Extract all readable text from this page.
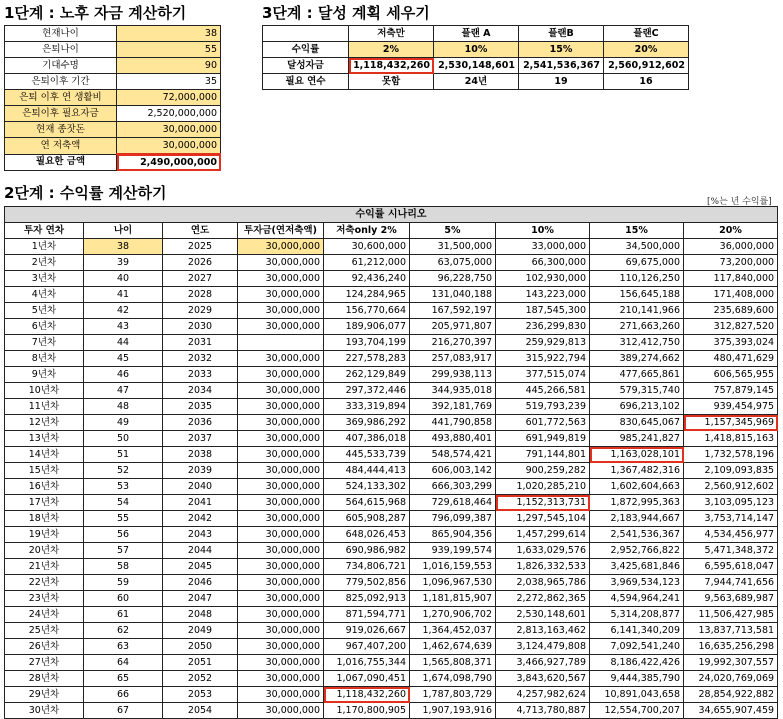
1단계 : 노후 자금 계산하기
현재나이	38
은퇴나이	55
기대수명	90
은퇴이후 기간	35
은퇴 이후 연 생활비	72,000,000
은퇴이후 필요자금	2,520,000,000
현재 종잣돈	30,000,000
연 저축액	30,000,000
필요한 금액	2,490,000,000
3단계 : 달성 계획 세우기
	저축만	플랜 A	플랜B	플랜C
수익률	2%	10%	15%	20%
달성자금	1,118,432,260	2,530,148,601	2,541,536,367	2,560,912,602
필요 연수	못함	24년	19	16
2단계 : 수익률 계산하기	[%는 년 수익률]
수익률 시나리오								
투자 연차	나이	연도	투자금(연저축액)	저축only 2%	5%	10%	15%	20%
1년차	38	2025	30,000,000	30,600,000	31,500,000	33,000,000	34,500,000	36,000,000
2년차	39	2026	30,000,000	61,212,000	63,075,000	66,300,000	69,675,000	73,200,000
3년차	40	2027	30,000,000	92,436,240	96,228,750	102,930,000	110,126,250	117,840,000
4년차	41	2028	30,000,000	124,284,965	131,040,188	143,223,000	156,645,188	171,408,000
5년차	42	2029	30,000,000	156,770,664	167,592,197	187,545,300	210,141,966	235,689,600
6년차	43	2030	30,000,000	189,906,077	205,971,807	236,299,830	271,663,260	312,827,520
7년차	44	2031		193,704,199	216,270,397	259,929,813	312,412,750	375,393,024
8년차	45	2032	30,000,000	227,578,283	257,083,917	315,922,794	389,274,662	480,471,629
9년차	46	2033	30,000,000	262,129,849	299,938,113	377,515,074	477,665,861	606,565,955
10년차	47	2034	30,000,000	297,372,446	344,935,018	445,266,581	579,315,740	757,879,145
11년차	48	2035	30,000,000	333,319,894	392,181,769	519,793,239	696,213,102	939,454,975
12년차	49	2036	30,000,000	369,986,292	441,790,858	601,772,563	830,645,067	1,157,345,969
13년차	50	2037	30,000,000	407,386,018	493,880,401	691,949,819	985,241,827	1,418,815,163
14년차	51	2038	30,000,000	445,533,739	548,574,421	791,144,801	1,163,028,101	1,732,578,196
15년차	52	2039	30,000,000	484,444,413	606,003,142	900,259,282	1,367,482,316	2,109,093,835
16년차	53	2040	30,000,000	524,133,302	666,303,299	1,020,285,210	1,602,604,663	2,560,912,602
17년차	54	2041	30,000,000	564,615,968	729,618,464	1,152,313,731	1,872,995,363	3,103,095,123
18년차	55	2042	30,000,000	605,908,287	796,099,387	1,297,545,104	2,183,944,667	3,753,714,147
19년차	56	2043	30,000,000	648,026,453	865,904,356	1,457,299,614	2,541,536,367	4,534,456,977
20년차	57	2044	30,000,000	690,986,982	939,199,574	1,633,029,576	2,952,766,822	5,471,348,372
21년차	58	2045	30,000,000	734,806,721	1,016,159,553	1,826,332,533	3,425,681,846	6,595,618,047
22년차	59	2046	30,000,000	779,502,856	1,096,967,530	2,038,965,786	3,969,534,123	7,944,741,656
23년차	60	2047	30,000,000	825,092,913	1,181,815,907	2,272,862,365	4,594,964,241	9,563,689,987
24년차	61	2048	30,000,000	871,594,771	1,270,906,702	2,530,148,601	5,314,208,877	11,506,427,985
25년차	62	2049	30,000,000	919,026,667	1,364,452,037	2,813,163,462	6,141,340,209	13,837,713,581
26년차	63	2050	30,000,000	967,407,200	1,462,674,639	3,124,479,808	7,092,541,240	16,635,256,298
27년차	64	2051	30,000,000	1,016,755,344	1,565,808,371	3,466,927,789	8,186,422,426	19,992,307,557
28년차	65	2052	30,000,000	1,067,090,451	1,674,098,790	3,843,620,567	9,444,385,790	24,020,769,069
29년차	66	2053	30,000,000	1,118,432,260	1,787,803,729	4,257,982,624	10,891,043,658	28,854,922,882
30년차	67	2054	30,000,000	1,170,800,905	1,907,193,916	4,713,780,887	12,554,700,207	34,655,907,459
